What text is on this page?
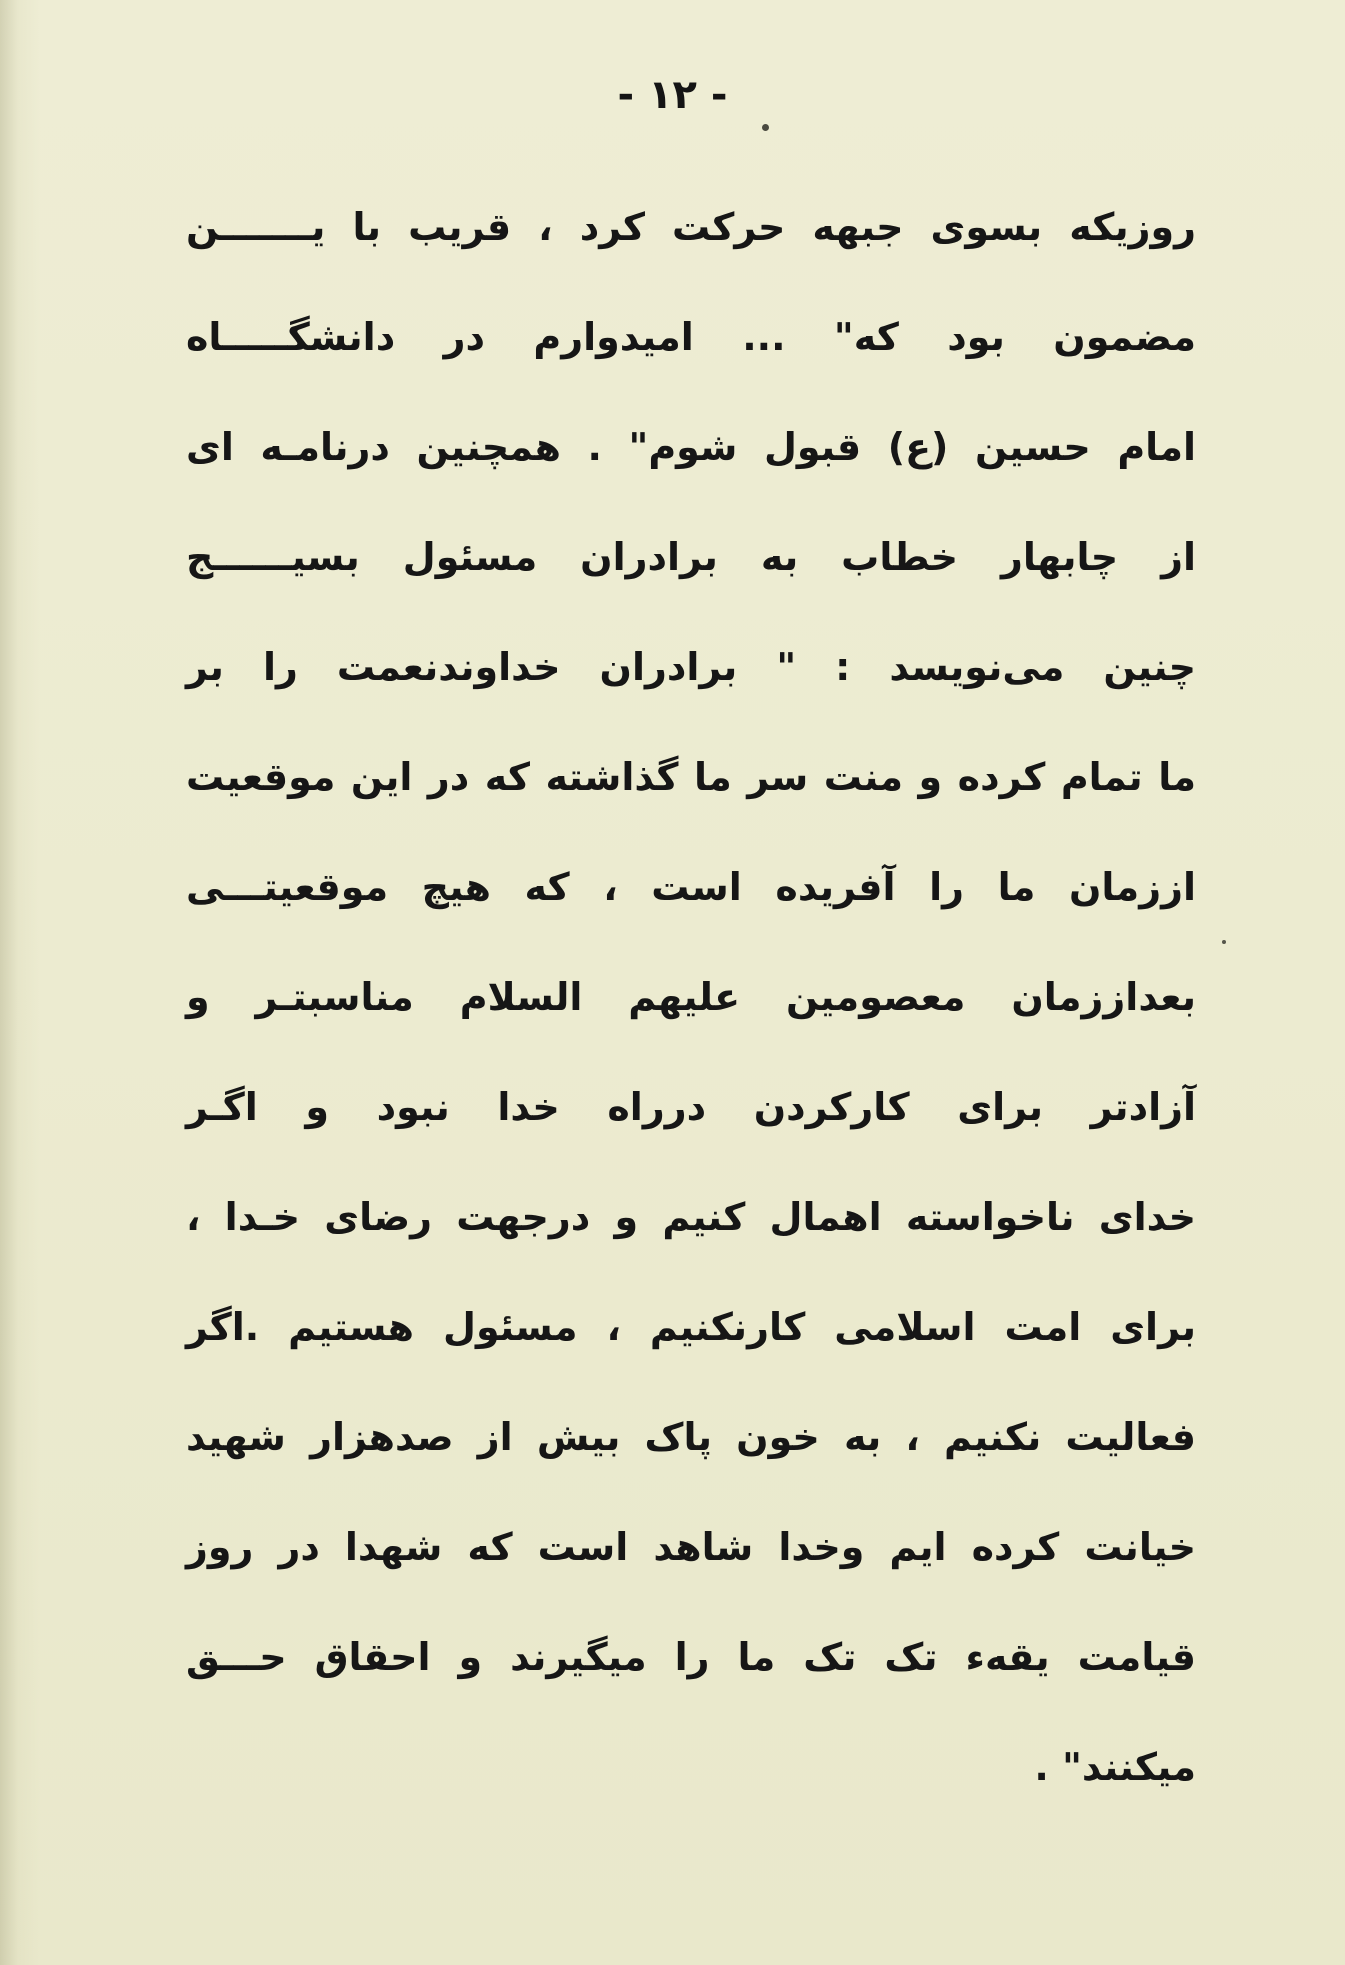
- ۱۲ -
روزیکه بسوی جبهه حرکت کرد ، قریب با یـــــــن
مضمون بود که" ... امیدوارم در دانشگـــــاه
امام حسین (ع) قبول شوم" . همچنین درنامـه ای
از چابهار خطاب به برادران مسئول بسیــــــج
چنین می‌نویسد : " برادران خداوندنعمت را بر
ما تمام کرده و منت سر ما گذاشته که در این موقعیت
اززمان ما را آفریده است ، که هیچ موقعیتـــی
بعداززمان معصومین علیهم السلام مناسبتـر و
آزادتر برای کارکردن درراه خدا نبود و اگـر
خدای ناخواسته اهمال کنیم و درجهت رضای خـدا ،
برای امت اسلامی کارنکنیم ، مسئول هستیم .اگر
فعالیت نکنیم ، به خون پاک بیش از صدهزار شهید
خیانت کرده ایم وخدا شاهد است که شهدا در روز
قیامت یقهء تک تک ما را میگیرند و احقاق حـــق
میکنند" .
